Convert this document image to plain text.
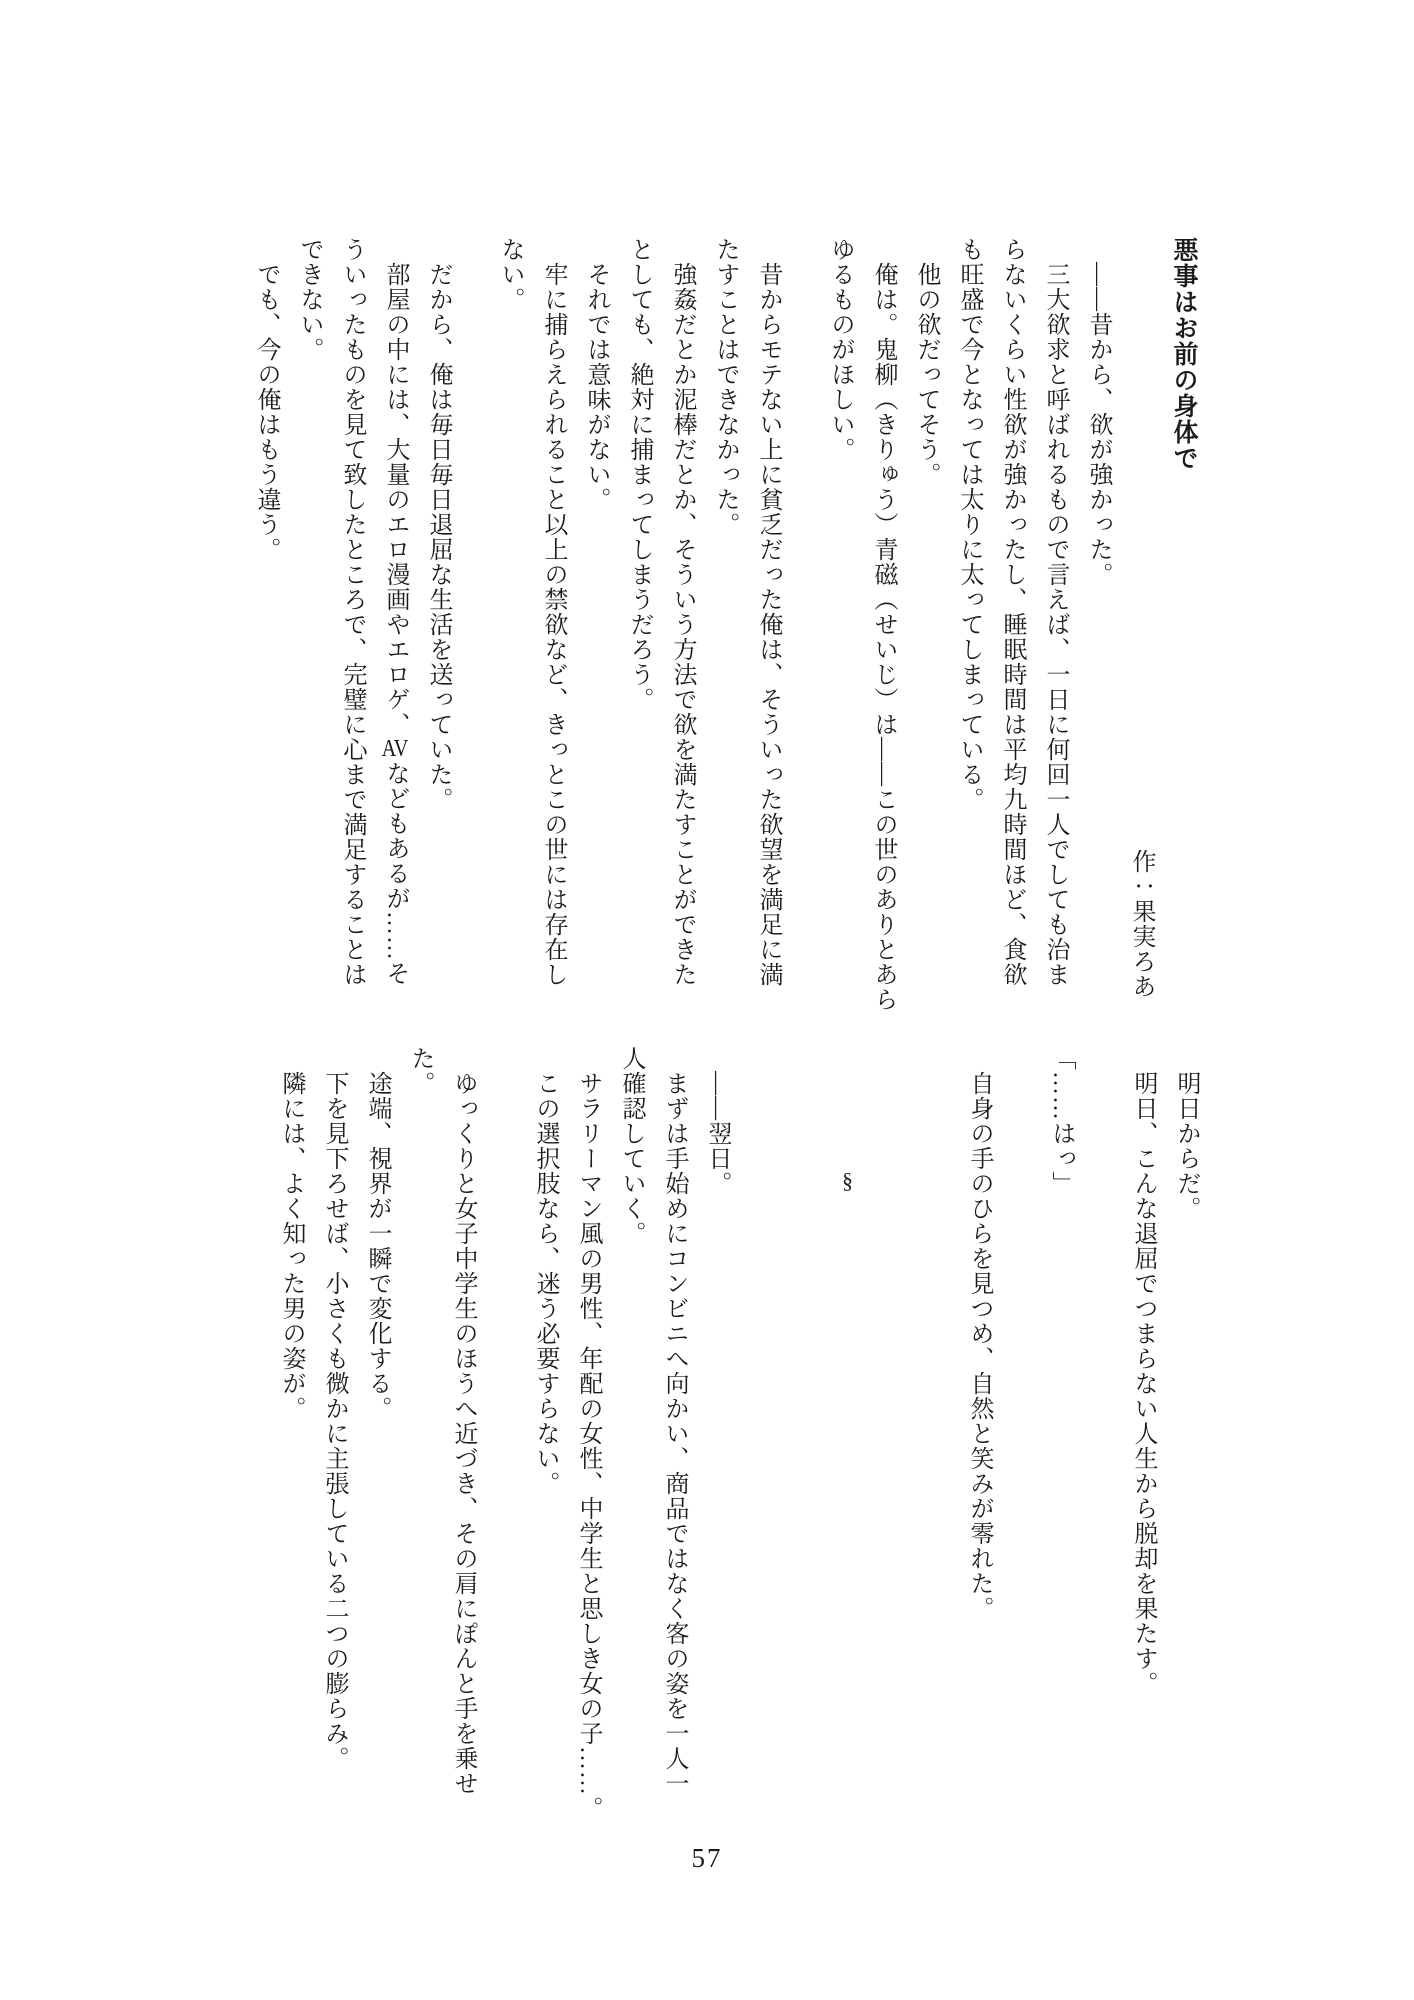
悪事はお前の身体で
作：果実ろあ
　——昔から、欲が強かった。
　三大欲求と呼ばれるもので言えば、一日に何回一人でしても治ま
らないくらい性欲が強かったし、睡眠時間は平均九時間ほど、食欲
も旺盛で今となっては太りに太ってしまっている。
　他の欲だってそう。
　俺は。鬼柳（きりゅう）青磁（せいじ）は——この世のありとあら
ゆるものがほしい。
　昔からモテない上に貧乏だった俺は、そういった欲望を満足に満
たすことはできなかった。
　強姦だとか泥棒だとか、そういう方法で欲を満たすことができた
としても、絶対に捕まってしまうだろう。
　それでは意味がない。
　牢に捕らえられること以上の禁欲など、きっとこの世には存在し
ない。
　だから、俺は毎日毎日退屈な生活を送っていた。
　部屋の中には、大量のエロ漫画やエロゲ、AVなどもあるが……そ
ういったものを見て致したところで、完璧に心まで満足することは
できない。
　でも、今の俺はもう違う。
　明日からだ。
　明日、こんな退屈でつまらない人生から脱却を果たす。
「……はっ」
　自身の手のひらを見つめ、自然と笑みが零れた。
§
　——翌日。
　まずは手始めにコンビニへ向かい、商品ではなく客の姿を一人一
人確認していく。
　サラリーマン風の男性、年配の女性、中学生と思しき女の子……。
　この選択肢なら、迷う必要すらない。
　ゆっくりと女子中学生のほうへ近づき、その肩にぽんと手を乗せ
た。
　途端、視界が一瞬で変化する。
　下を見下ろせば、小さくも微かに主張している二つの膨らみ。
　隣には、よく知った男の姿が。
57
